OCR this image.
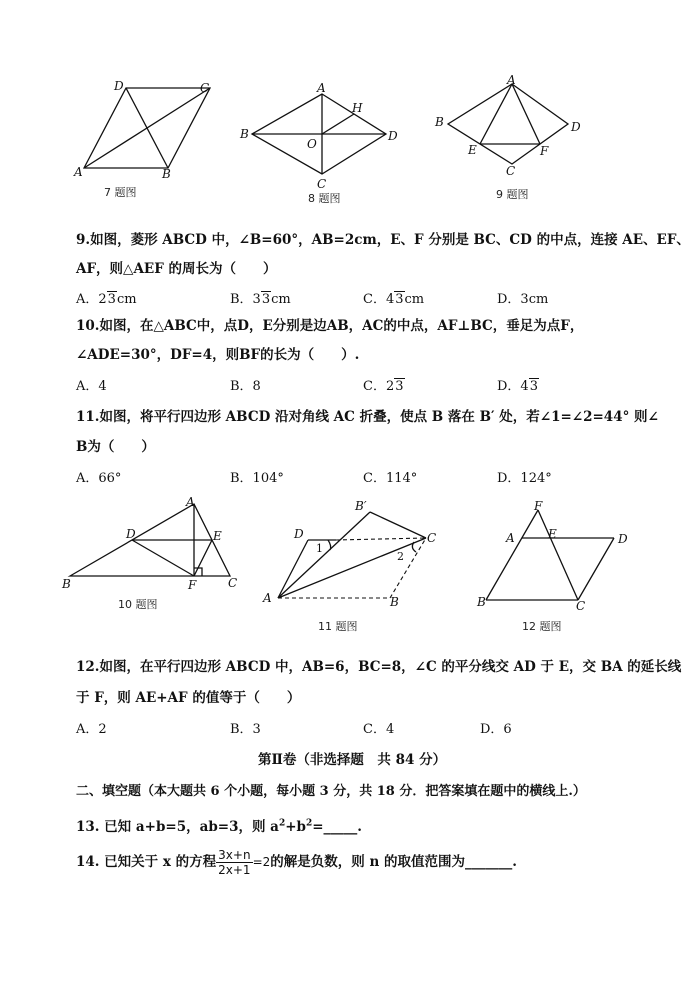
D	C
A	B
7 题图
A
H
B	D
O
C
8 题图
A
B	D
E	F
C
9 题图
9.如图，菱形 ABCD 中，∠B=60°，AB=2cm，E、F 分别是 BC、CD 的中点，连接 AE、EF、
AF，则△AEF 的周长为（　　）
A．23cm	B．33cm	C．43cm	D．3cm
10.如图，在△ABC中，点D，E分别是边AB，AC的中点，AF⊥BC，垂足为点F，
∠ADE=30°，DF=4，则BF的长为（　　）.
A．4	B．8	C．23	D．43
11.如图，将平行四边形 ABCD 沿对角线 AC 折叠，使点 B 落在 B′ 处，若∠1=∠2=44° 则∠
B为（　　）
A．66°	B．104°	C．114°	D．124°
A
D	E
B	F	C
10 题图
D
B′
C
1
2
A	B
11 题图
F
A	E	D
B	C
12 题图
12.如图，在平行四边形 ABCD 中，AB=6，BC=8，∠C 的平分线交 AD 于 E，交 BA 的延长线
于 F，则 AE+AF 的值等于（　　）
A．2	B．3	C．4	D．6
第Ⅱ卷（非选择题　共 84 分）
二、填空题（本大题共 6 个小题，每小题 3 分，共 18 分．把答案填在题中的横线上.）
13. 已知 a+b=5，ab=3，则 $a^2+b^2=\_\_\_\_\_$.
14. 已知关于 x 的方程 $\frac{3x+n}{2x+1} =2$的解是负数，则 n 的取值范围为_______.
